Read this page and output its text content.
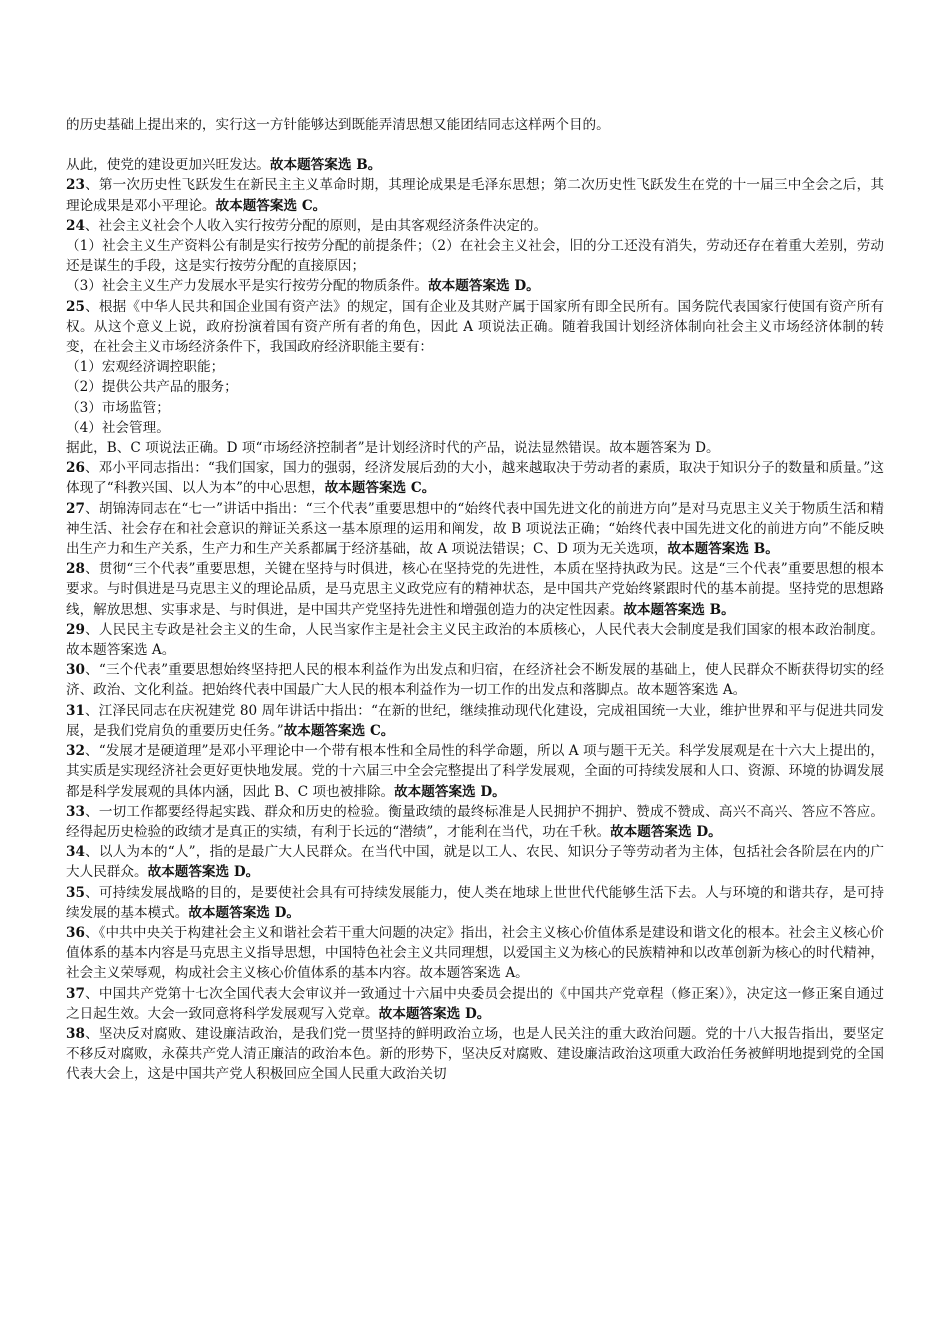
的历史基础上提出来的，实行这一方针能够达到既能弄清思想又能团结同志这样两个目的。

从此，使党的建设更加兴旺发达。故本题答案选 B。

23、第一次历史性飞跃发生在新民主主义革命时期，其理论成果是毛泽东思想；第二次历史性飞跃发生在党的十一届三中全会之后，其理论成果是邓小平理论。故本题答案选 C。

24、社会主义社会个人收入实行按劳分配的原则，是由其客观经济条件决定的。

（1）社会主义生产资料公有制是实行按劳分配的前提条件；（2）在社会主义社会，旧的分工还没有消失，劳动还存在着重大差别，劳动还是谋生的手段，这是实行按劳分配的直接原因；

（3）社会主义生产力发展水平是实行按劳分配的物质条件。故本题答案选 D。

25、根据《中华人民共和国企业国有资产法》的规定，国有企业及其财产属于国家所有即全民所有。国务院代表国家行使国有资产所有权。从这个意义上说，政府扮演着国有资产所有者的角色，因此 A 项说法正确。随着我国计划经济体制向社会主义市场经济体制的转变，在社会主义市场经济条件下，我国政府经济职能主要有：

（1）宏观经济调控职能；

（2）提供公共产品的服务；

（3）市场监管；

（4）社会管理。

据此，B、C 项说法正确。D 项“市场经济控制者”是计划经济时代的产品，说法显然错误。故本题答案为 D。

26、邓小平同志指出：“我们国家，国力的强弱，经济发展后劲的大小，越来越取决于劳动者的素质，取决于知识分子的数量和质量。”这体现了“科教兴国、以人为本”的中心思想，故本题答案选 C。

27、胡锦涛同志在“七一”讲话中指出：“三个代表”重要思想中的“始终代表中国先进文化的前进方向”是对马克思主义关于物质生活和精神生活、社会存在和社会意识的辩证关系这一基本原理的运用和阐发，故 B 项说法正确；“始终代表中国先进文化的前进方向”不能反映出生产力和生产关系，生产力和生产关系都属于经济基础，故 A 项说法错误；C、D 项为无关选项，故本题答案选 B。

28、贯彻“三个代表”重要思想，关键在坚持与时俱进，核心在坚持党的先进性，本质在坚持执政为民。这是“三个代表”重要思想的根本要求。与时俱进是马克思主义的理论品质，是马克思主义政党应有的精神状态，是中国共产党始终紧跟时代的基本前提。坚持党的思想路线，解放思想、实事求是、与时俱进，是中国共产党坚持先进性和增强创造力的决定性因素。故本题答案选 B。

29、人民民主专政是社会主义的生命，人民当家作主是社会主义民主政治的本质核心，人民代表大会制度是我们国家的根本政治制度。故本题答案选 A。

30、“三个代表”重要思想始终坚持把人民的根本利益作为出发点和归宿，在经济社会不断发展的基础上，使人民群众不断获得切实的经济、政治、文化利益。把始终代表中国最广大人民的根本利益作为一切工作的出发点和落脚点。故本题答案选 A。

31、江泽民同志在庆祝建党 80 周年讲话中指出：“在新的世纪，继续推动现代化建设，完成祖国统一大业，维护世界和平与促进共同发展，是我们党肩负的重要历史任务。”故本题答案选 C。

32、“发展才是硬道理”是邓小平理论中一个带有根本性和全局性的科学命题，所以 A 项与题干无关。科学发展观是在十六大上提出的，其实质是实现经济社会更好更快地发展。党的十六届三中全会完整提出了科学发展观，全面的可持续发展和人口、资源、环境的协调发展都是科学发展观的具体内涵，因此 B、C 项也被排除。故本题答案选 D。

33、一切工作都要经得起实践、群众和历史的检验。衡量政绩的最终标准是人民拥护不拥护、赞成不赞成、高兴不高兴、答应不答应。经得起历史检验的政绩才是真正的实绩，有利于长远的“潜绩”，才能利在当代，功在千秋。故本题答案选 D。

34、以人为本的“人”，指的是最广大人民群众。在当代中国，就是以工人、农民、知识分子等劳动者为主体，包括社会各阶层在内的广大人民群众。故本题答案选 D。

35、可持续发展战略的目的，是要使社会具有可持续发展能力，使人类在地球上世世代代能够生活下去。人与环境的和谐共存，是可持续发展的基本模式。故本题答案选 D。

36、《中共中央关于构建社会主义和谐社会若干重大问题的决定》指出，社会主义核心价值体系是建设和谐文化的根本。社会主义核心价值体系的基本内容是马克思主义指导思想，中国特色社会主义共同理想，以爱国主义为核心的民族精神和以改革创新为核心的时代精神，社会主义荣辱观，构成社会主义核心价值体系的基本内容。故本题答案选 A。

37、中国共产党第十七次全国代表大会审议并一致通过十六届中央委员会提出的《中国共产党章程（修正案）》，决定这一修正案自通过之日起生效。大会一致同意将科学发展观写入党章。故本题答案选 D。

38、坚决反对腐败、建设廉洁政治，是我们党一贯坚持的鲜明政治立场，也是人民关注的重大政治问题。党的十八大报告指出，要坚定不移反对腐败，永葆共产党人清正廉洁的政治本色。新的形势下，坚决反对腐败、建设廉洁政治这项重大政治任务被鲜明地提到党的全国代表大会上，这是中国共产党人积极回应全国人民重大政治关切
